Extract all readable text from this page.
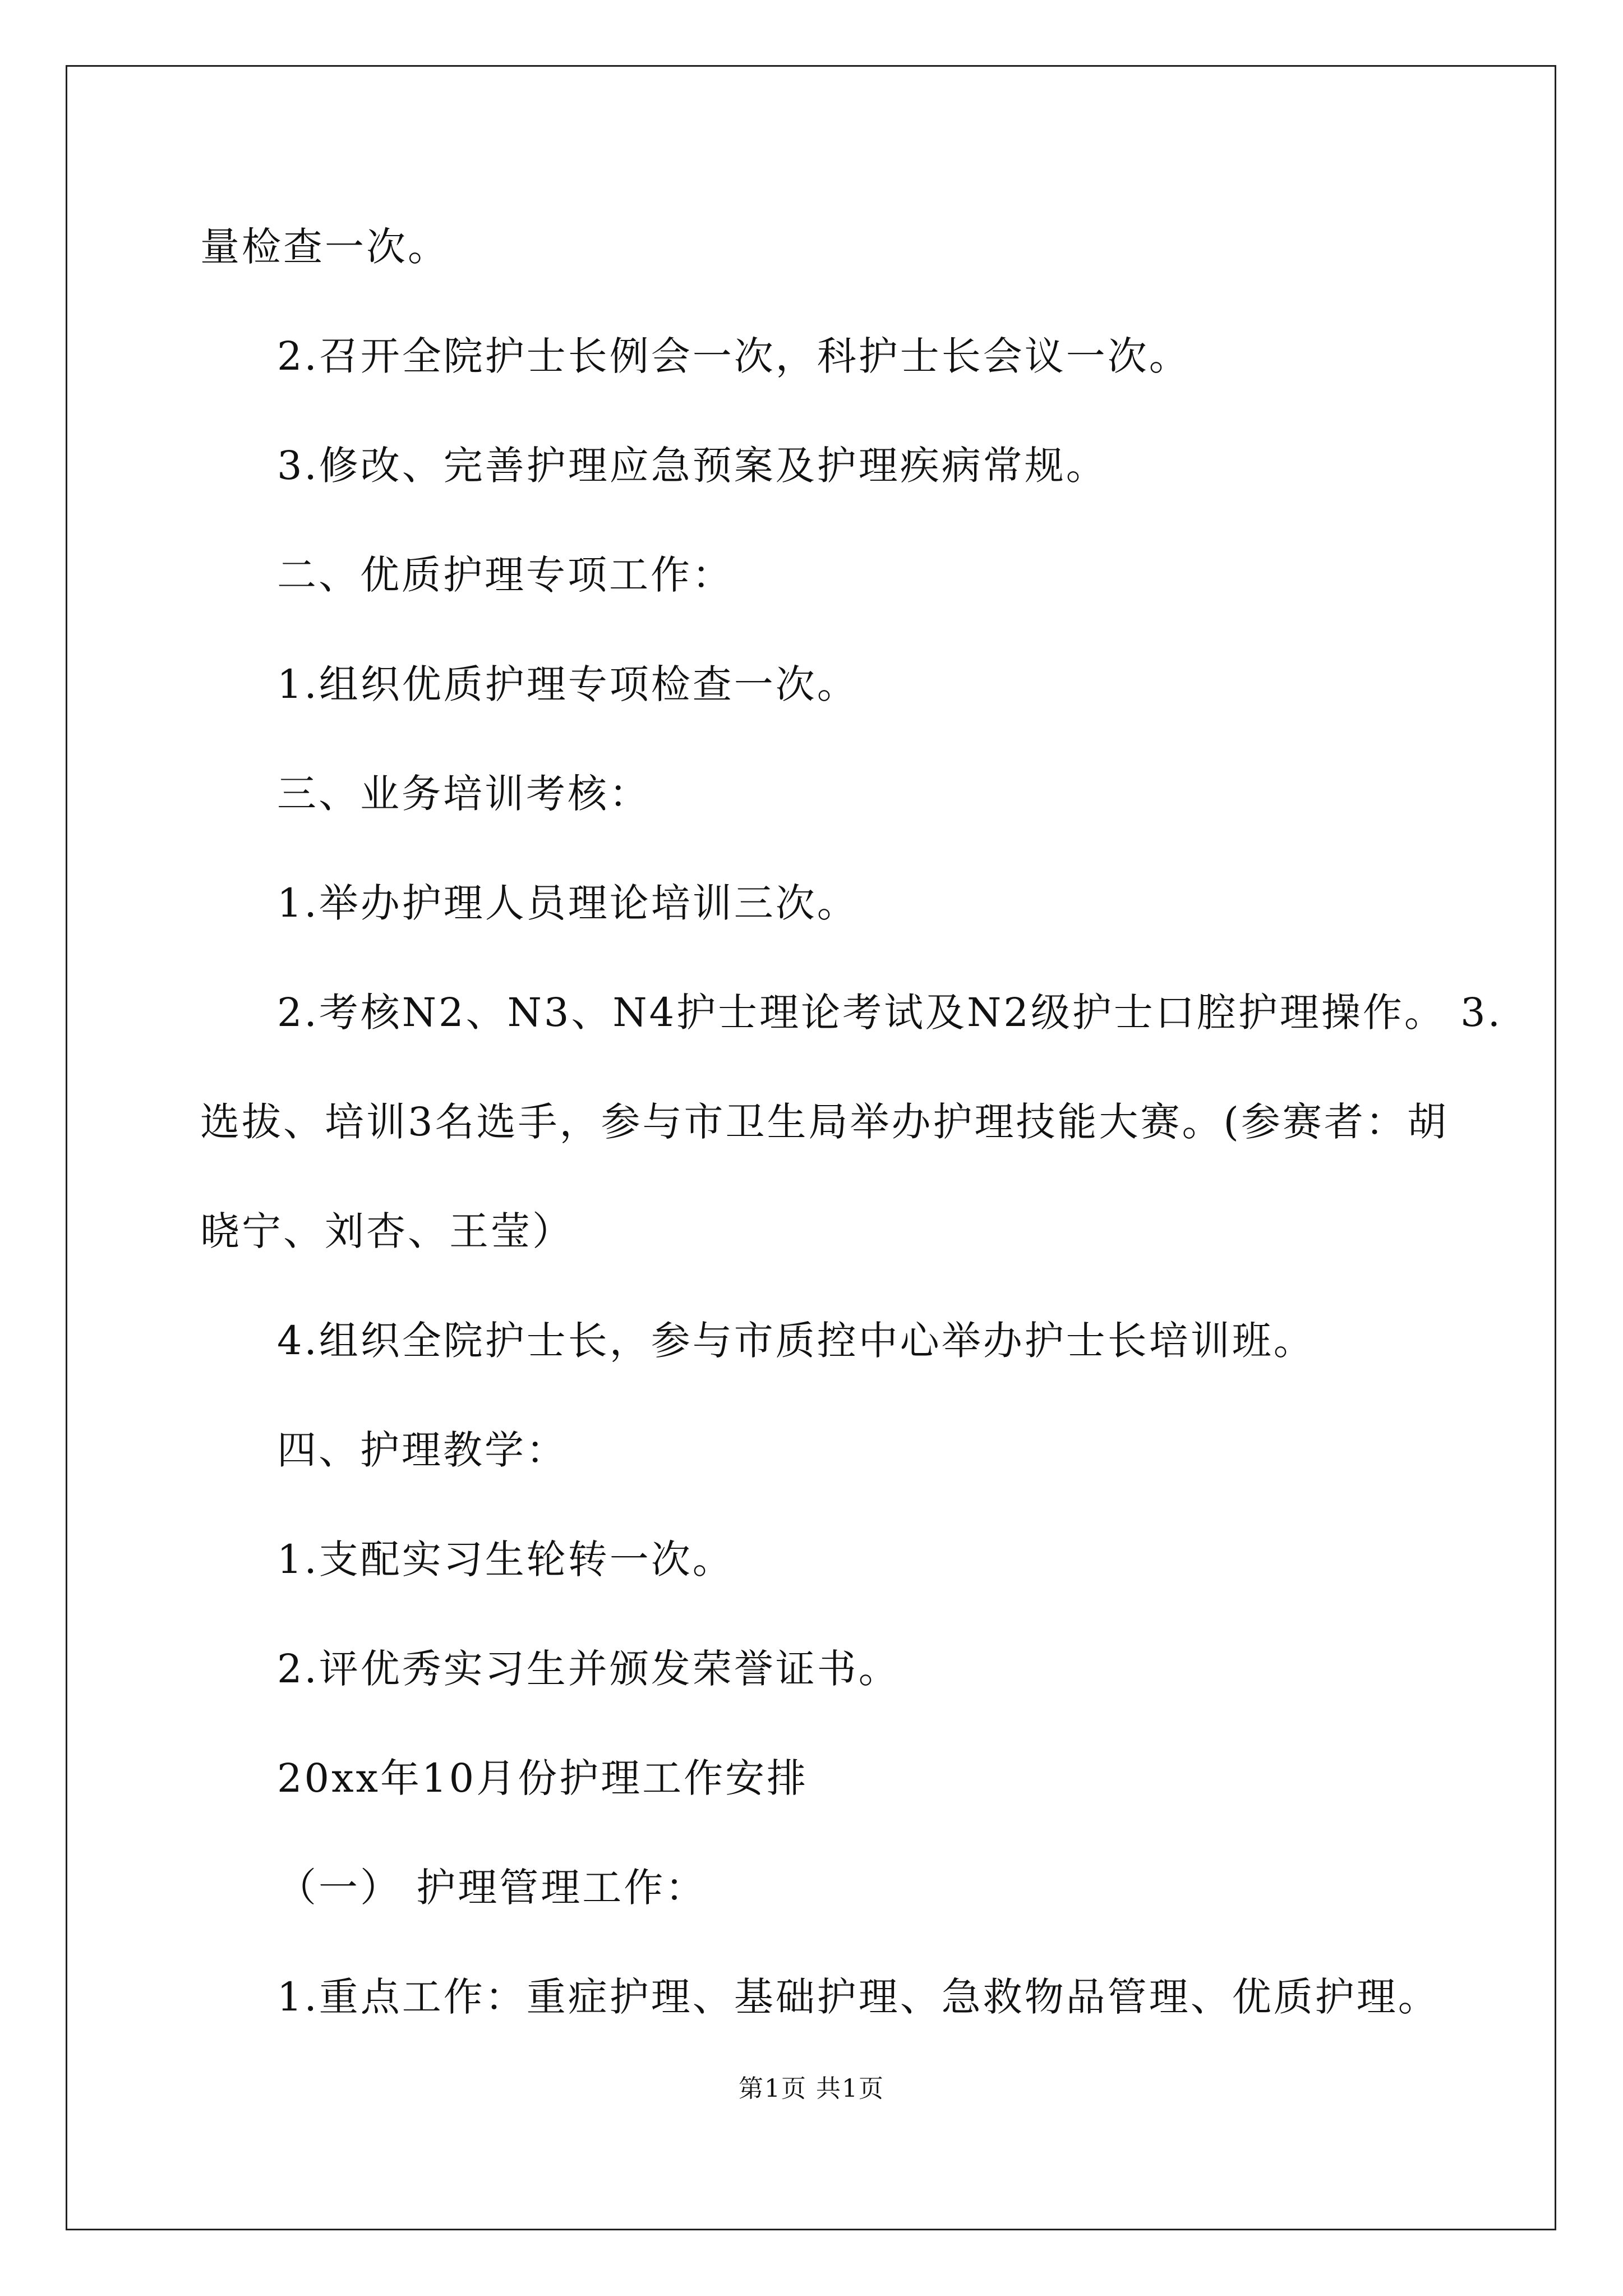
量检查一次。
2.召开全院护士长例会一次，科护士长会议一次。
3.修改、完善护理应急预案及护理疾病常规。
二、优质护理专项工作：
1.组织优质护理专项检查一次。
三、业务培训考核：
1.举办护理人员理论培训三次。
2.考核N2、N3、N4护士理论考试及N2级护士口腔护理操作。 3.
选拔、培训3名选手，参与市卫生局举办护理技能大赛。(参赛者：胡
晓宁、刘杏、王莹）
4.组织全院护士长，参与市质控中心举办护士长培训班。
四、护理教学：
1.支配实习生轮转一次。
2.评优秀实习生并颁发荣誉证书。
20xx年10月份护理工作安排
（一） 护理管理工作：
1.重点工作：重症护理、基础护理、急救物品管理、优质护理。
第1页 共1页
